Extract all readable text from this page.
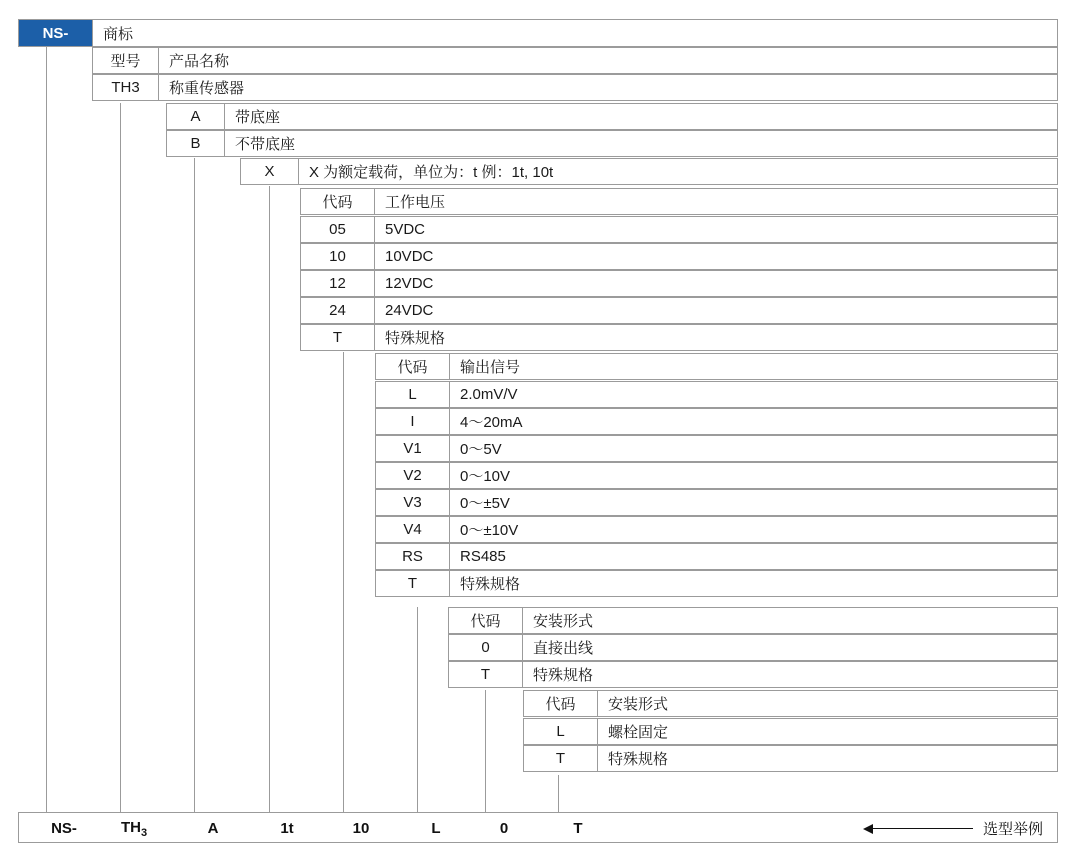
NS-	商标
型号	产品名称
TH3	称重传感器
A	带底座
B	不带底座
X	X 为额定载荷，单位为：t 例：1t, 10t
代码	工作电压
05	5VDC
10	10VDC
12	12VDC
24	24VDC
T	特殊规格
代码	输出信号
L	2.0mV/V
I	4～20mA
V1	0～5V
V2	0～10V
V3	0～±5V
V4	0～±10V
RS	RS485
T	特殊规格
代码	安装形式
0	直接出线
T	特殊规格
代码	安装形式
L	螺栓固定
T	特殊规格
NS-	$TH_3$	A	1t	10	L	0	T	选型举例
